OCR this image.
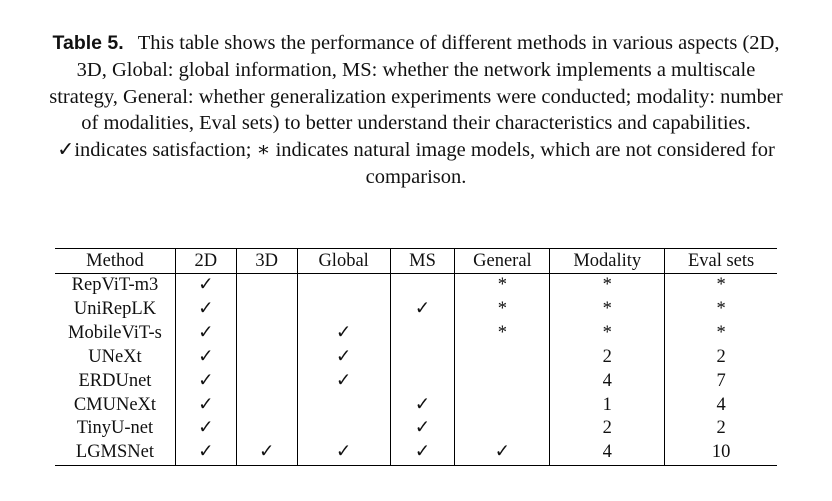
Table 5. This table shows the performance of different methods in various aspects (2D, 3D, Global: global information, MS: whether the network implements a multiscale strategy, General: whether generalization experiments were conducted; modality: number of modalities, Eval sets) to better understand their characteristics and capabilities. ✓indicates satisfaction; ∗ indicates natural image models, which are not considered for comparison.
Method	2D	3D	Global	MS	General	Modality	Eval sets
RepViT-m3	✓				*	*	*
UniRepLK	✓			✓	*	*	*
MobileViT-s	✓		✓		*	*	*
UNeXt	✓		✓			2	2
ERDUnet	✓		✓			4	7
CMUNeXt	✓			✓		1	4
TinyU-net	✓			✓		2	2
LGMSNet	✓	✓	✓	✓	✓	4	10
